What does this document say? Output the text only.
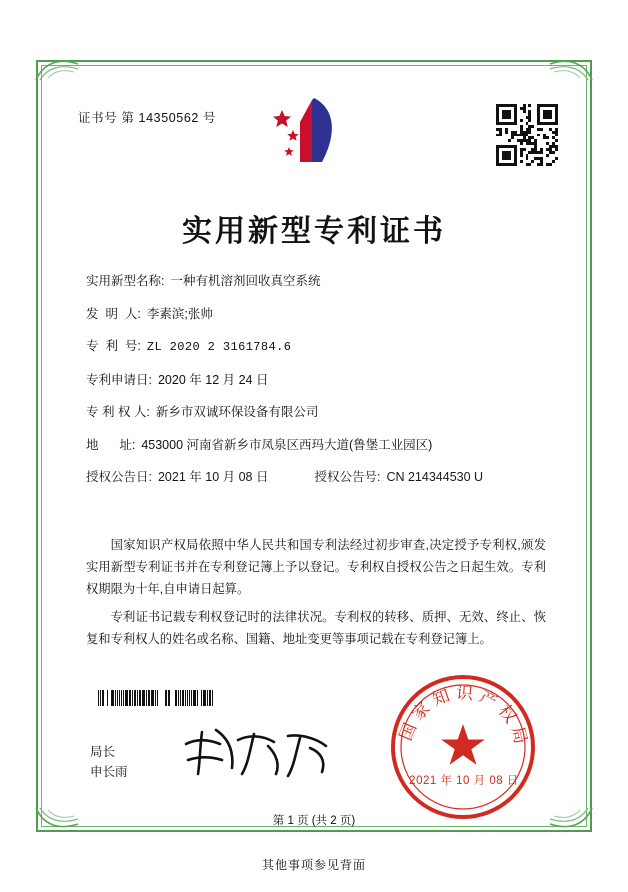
证书号 第 14350562 号
实用新型专利证书
实用新型名称: 一种有机溶剂回收真空系统
发  明  人: 李素滨;张帅
专  利  号: ZL 2020 2 3161784.6
专利申请日: 2020 年 12 月 24 日
专 利 权 人: 新乡市双诚环保设备有限公司
地      址: 453000 河南省新乡市凤泉区西玛大道(鲁堡工业园区)
授权公告日: 2021 年 10 月 08 日	授权公告号: CN 214344530 U

国家知识产权局依照中华人民共和国专利法经过初步审查,决定授予专利权,颁发实用新型专利证书并在专利登记簿上予以登记。专利权自授权公告之日起生效。专利权期限为十年,自申请日起算。

专利证书记载专利权登记时的法律状况。专利权的转移、质押、无效、终止、恢复和专利权人的姓名或名称、国籍、地址变更等事项记载在专利登记簿上。

局长
申长雨
国家知识产权局
2021 年 10 月 08 日
第 1 页 (共 2 页)
其他事项参见背面
